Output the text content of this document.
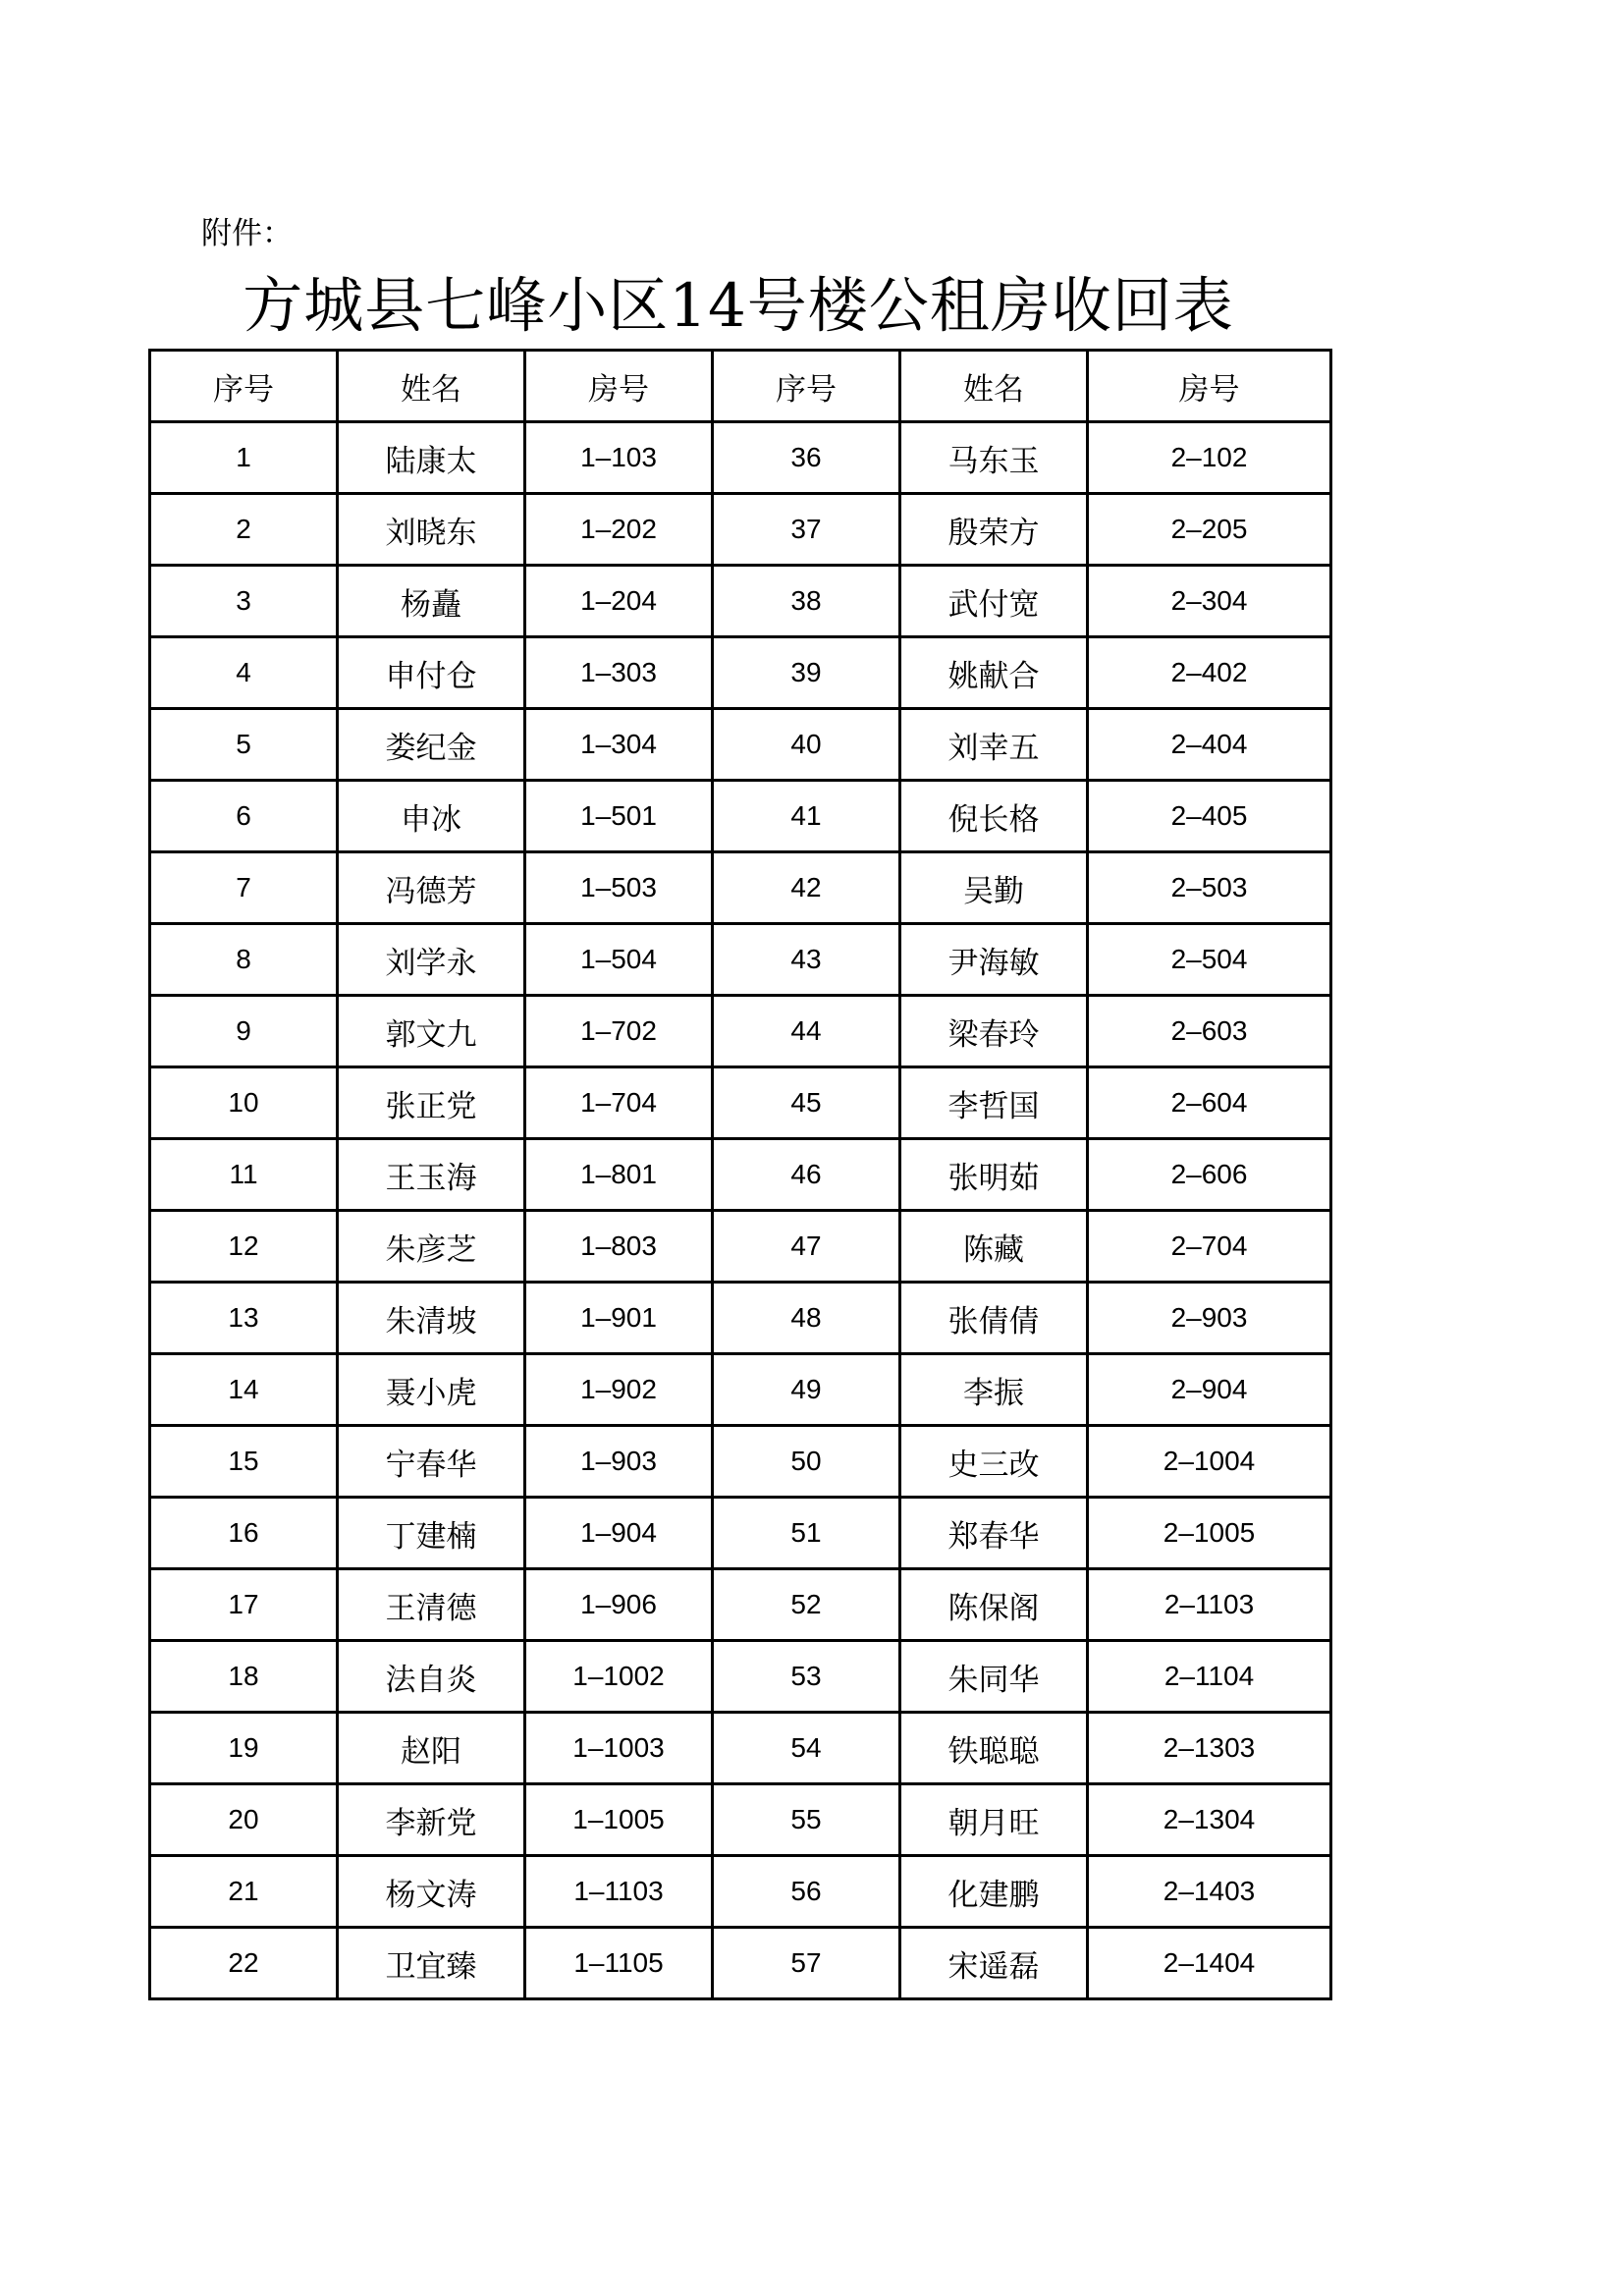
附件：
方城县七峰小区14号楼公租房收回表
序号	姓名	房号	序号	姓名	房号
1	陆康太	1–103	36	马东玉	2–102
2	刘晓东	1–202	37	殷荣方	2–205
3	杨矗	1–204	38	武付宽	2–304
4	申付仓	1–303	39	姚献合	2–402
5	娄纪金	1–304	40	刘幸五	2–404
6	申冰	1–501	41	倪长格	2–405
7	冯德芳	1–503	42	吴勤	2–503
8	刘学永	1–504	43	尹海敏	2–504
9	郭文九	1–702	44	梁春玲	2–603
10	张正党	1–704	45	李哲国	2–604
11	王玉海	1–801	46	张明茹	2–606
12	朱彦芝	1–803	47	陈藏	2–704
13	朱清坡	1–901	48	张倩倩	2–903
14	聂小虎	1–902	49	李振	2–904
15	宁春华	1–903	50	史三改	2–1004
16	丁建楠	1–904	51	郑春华	2–1005
17	王清德	1–906	52	陈保阁	2–1103
18	法自炎	1–1002	53	朱同华	2–1104
19	赵阳	1–1003	54	铁聪聪	2–1303
20	李新党	1–1005	55	朝月旺	2–1304
21	杨文涛	1–1103	56	化建鹏	2–1403
22	卫宜臻	1–1105	57	宋遥磊	2–1404
